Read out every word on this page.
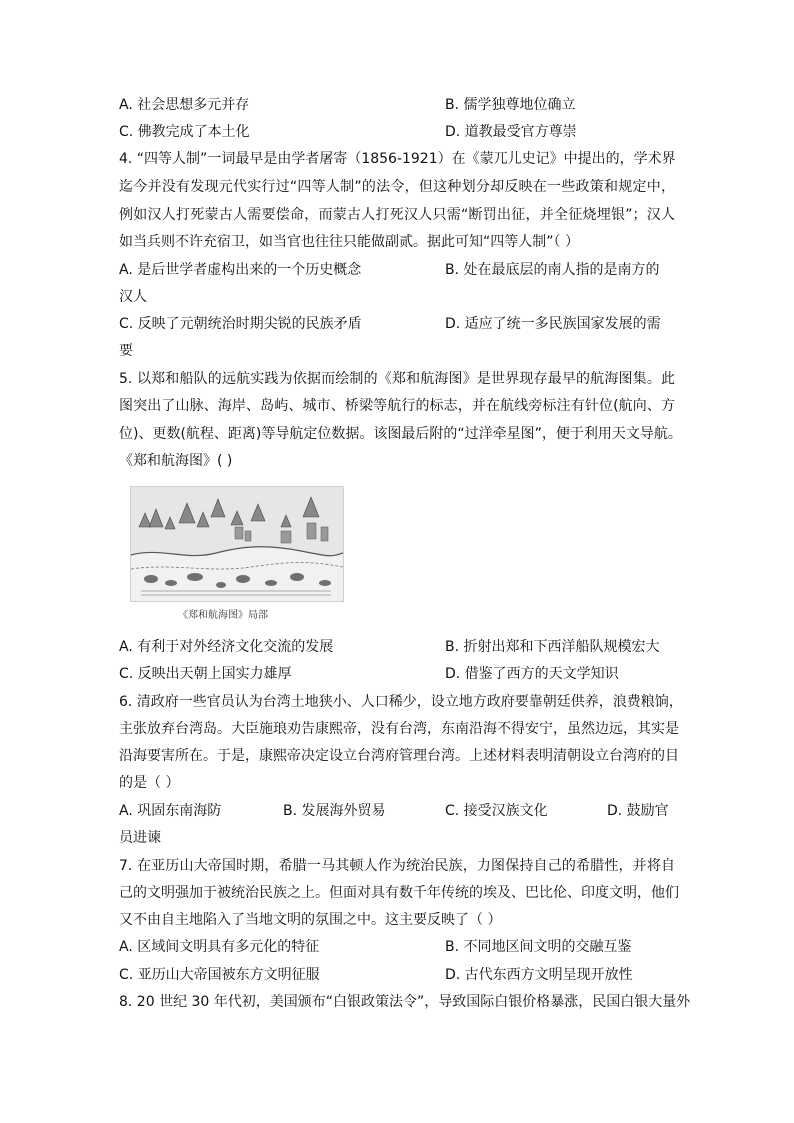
A. 社会思想多元并存	B. 儒学独尊地位确立
C. 佛教完成了本土化	D. 道教最受官方尊崇
4. “四等人制”一词最早是由学者屠寄（1856-1921）在《蒙兀儿史记》中提出的，学术界
迄今并没有发现元代实行过“四等人制”的法令，但这种划分却反映在一些政策和规定中，
例如汉人打死蒙古人需要偿命，而蒙古人打死汉人只需“断罚出征，并全征烧埋银”；汉人
如当兵则不许充宿卫，如当官也往往只能做副贰。据此可知“四等人制”（ ）
A. 是后世学者虚构出来的一个历史概念	B. 处在最底层的南人指的是南方的
汉人
C. 反映了元朝统治时期尖锐的民族矛盾	D. 适应了统一多民族国家发展的需
要
5. 以郑和船队的远航实践为依据而绘制的《郑和航海图》是世界现存最早的航海图集。此
图突出了山脉、海岸、岛屿、城市、桥梁等航行的标志，并在航线旁标注有针位(航向、方
位)、更数(航程、距离)等导航定位数据。该图最后附的“过洋牵星图”，便于利用天文导航。
《郑和航海图》( )
《郑和航海图》局部
A. 有利于对外经济文化交流的发展	B. 折射出郑和下西洋船队规模宏大
C. 反映出天朝上国实力雄厚	D. 借鉴了西方的天文学知识
6. 清政府一些官员认为台湾土地狭小、人口稀少，设立地方政府要靠朝廷供养，浪费粮饷，
主张放弃台湾岛。大臣施琅劝告康熙帝，没有台湾，东南沿海不得安宁，虽然边远，其实是
沿海要害所在。于是，康熙帝决定设立台湾府管理台湾。上述材料表明清朝设立台湾府的目
的是（ ）
A. 巩固东南海防	B. 发展海外贸易	C. 接受汉族文化	D. 鼓励官
员进谏
7. 在亚历山大帝国时期，希腊一马其顿人作为统治民族，力图保持自己的希腊性，并将自
己的文明强加于被统治民族之上。但面对具有数千年传统的埃及、巴比伦、印度文明，他们
又不由自主地陷入了当地文明的氛围之中。这主要反映了（ ）
A. 区域间文明具有多元化的特征	B. 不同地区间文明的交融互鉴
C. 亚历山大帝国被东方文明征服	D. 古代东西方文明呈现开放性
8. 20 世纪 30 年代初，美国颁布“白银政策法令”，导致国际白银价格暴涨，民国白银大量外
